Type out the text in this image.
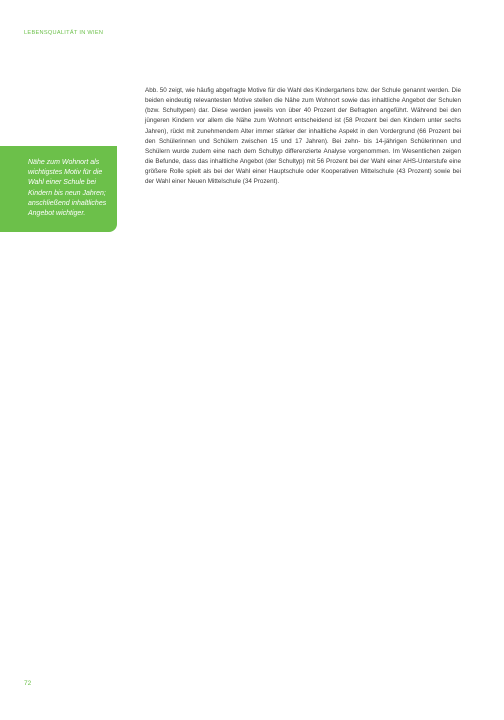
LEBENSQUALITÄT IN WIEN

Abb. 50 zeigt, wie häufig abgefragte Motive für die Wahl des Kindergartens bzw. der Schule genannt werden. Die beiden eindeutig relevantesten Motive stellen die Nähe zum Wohnort sowie das inhaltliche Angebot der Schulen (bzw. Schultypen) dar. Diese werden jeweils von über 40 Prozent der Befragten angeführt. Während bei den jüngeren Kindern vor allem die Nähe zum Wohnort entscheidend ist (58 Prozent bei den Kindern unter sechs Jahren), rückt mit zunehmendem Alter immer stärker der inhaltliche Aspekt in den Vordergrund (66 Prozent bei den Schülerinnen und Schülern zwischen 15 und 17 Jahren). Bei zehn- bis 14-jährigen Schülerinnen und Schülern wurde zudem eine nach dem Schultyp differenzierte Analyse vorgenommen. Im Wesentlichen zeigen die Befunde, dass das inhaltliche Angebot (der Schultyp) mit 56 Prozent bei der Wahl einer AHS-Unterstufe eine größere Rolle spielt als bei der Wahl einer Hauptschule oder Kooperativen Mittelschule (43 Prozent) sowie bei der Wahl einer Neuen Mittelschule (34 Prozent).

Nähe zum Wohnort als wichtigstes Motiv für die Wahl einer Schule bei Kindern bis neun Jahren; anschließend inhaltliches Angebot wichtiger.

72
